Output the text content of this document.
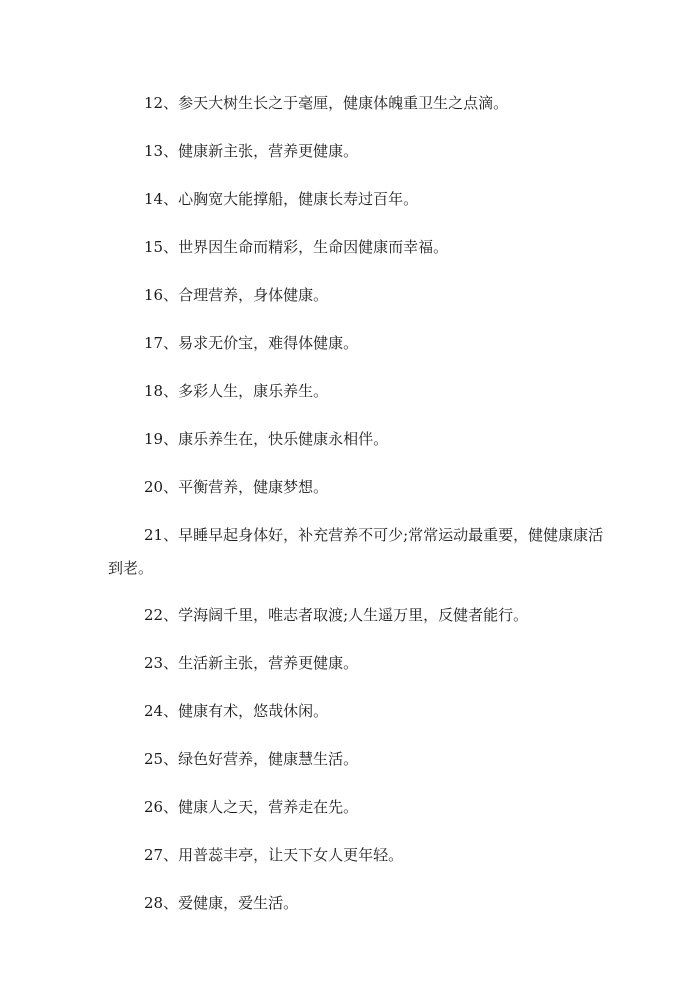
12、参天大树生长之于毫厘，健康体魄重卫生之点滴。
13、健康新主张，营养更健康。
14、心胸宽大能撑船，健康长寿过百年。
15、世界因生命而精彩，生命因健康而幸福。
16、合理营养，身体健康。
17、易求无价宝，难得体健康。
18、多彩人生，康乐养生。
19、康乐养生在，快乐健康永相伴。
20、平衡营养，健康梦想。
21、早睡早起身体好，补充营养不可少;常常运动最重要，健健康康活到老。
22、学海阔千里，唯志者取渡;人生遥万里，反健者能行。
23、生活新主张，营养更健康。
24、健康有术，悠哉休闲。
25、绿色好营养，健康慧生活。
26、健康人之天，营养走在先。
27、用普蕊丰亭，让天下女人更年轻。
28、爱健康，爱生活。
